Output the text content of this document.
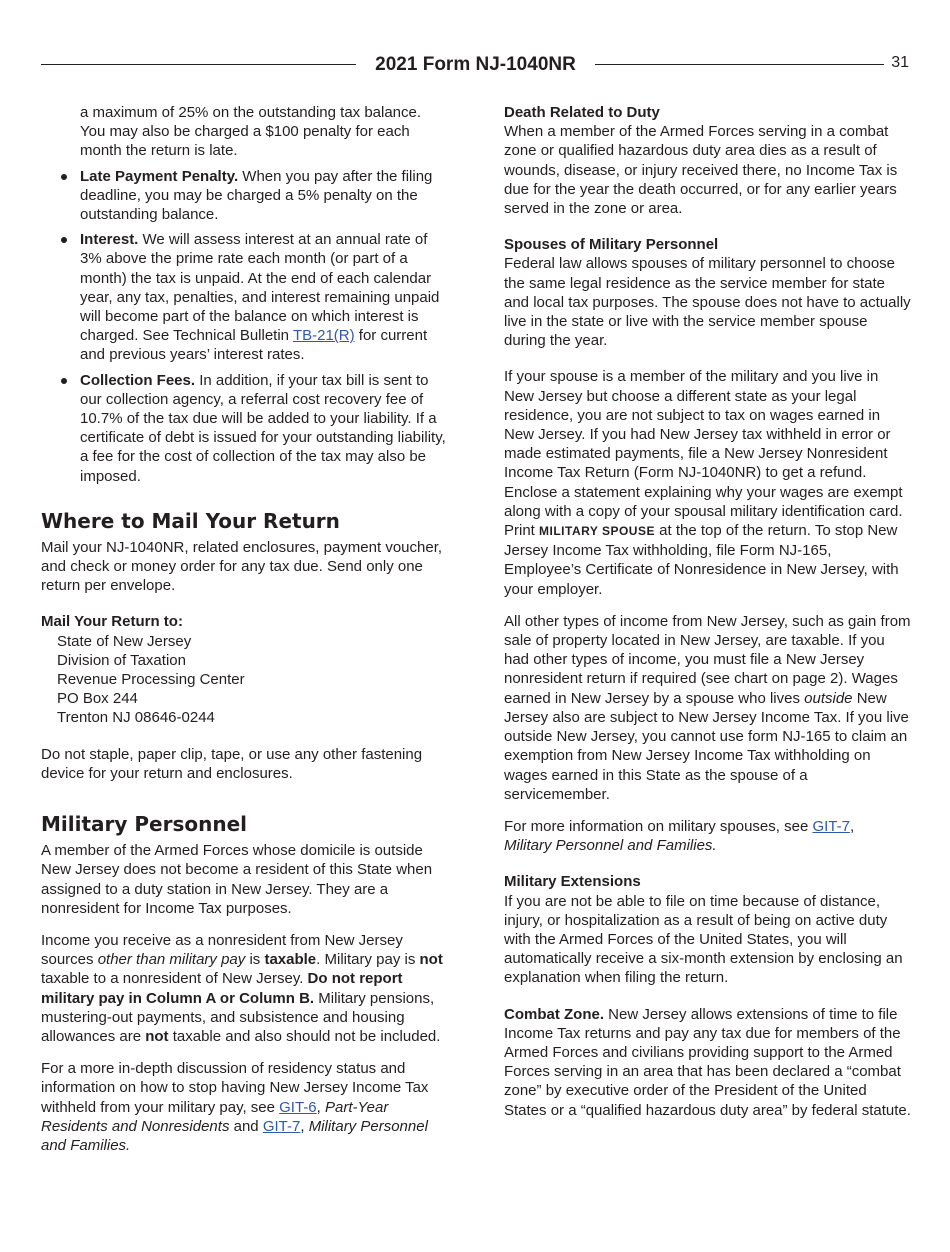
2021 Form NJ-1040NR	31

a maximum of 25% on the outstanding tax balance. You may also be charged a $100 penalty for each month the return is late.

Late Payment Penalty. When you pay after the filing deadline, you may be charged a 5% penalty on the outstanding balance.
Interest. We will assess interest at an annual rate of 3% above the prime rate each month (or part of a month) the tax is unpaid. At the end of each calendar year, any tax, penalties, and interest remaining unpaid will become part of the balance on which interest is charged. See Technical Bulletin TB-21(R) for current and previous years’ interest rates.
Collection Fees. In addition, if your tax bill is sent to our collection agency, a referral cost recovery fee of 10.7% of the tax due will be added to your liability. If a certificate of debt is issued for your outstanding liability, a fee for the cost of collection of the tax may also be imposed.
Where to Mail Your Return

Mail your NJ-1040NR, related enclosures, payment voucher, and check or money order for any tax due. Send only one return per envelope.

Mail Your Return to:

State of New Jersey
Division of Taxation
Revenue Processing Center
PO Box 244
Trenton NJ 08646-0244

Do not staple, paper clip, tape, or use any other fastening device for your return and enclosures.

Military Personnel

A member of the Armed Forces whose domicile is outside New Jersey does not become a resident of this State when assigned to a duty station in New Jersey. They are a nonresident for Income Tax purposes.

Income you receive as a nonresident from New Jersey sources other than military pay is taxable. Military pay is not taxable to a nonresident of New Jersey. Do not report military pay in Column A or Column B. Military pensions, mustering-out payments, and subsistence and housing allowances are not taxable and also should not be included.

For a more in-depth discussion of residency status and information on how to stop having New Jersey Income Tax withheld from your military pay, see GIT-6, Part-Year Residents and Nonresidents and GIT-7, Military Personnel and Families.

Death Related to Duty

When a member of the Armed Forces serving in a combat zone or qualified hazardous duty area dies as a result of wounds, disease, or injury received there, no Income Tax is due for the year the death occurred, or for any earlier years served in the zone or area.

Spouses of Military Personnel

Federal law allows spouses of military personnel to choose the same legal residence as the service member for state and local tax purposes. The spouse does not have to actually live in the state or live with the service member spouse during the year.

If your spouse is a member of the military and you live in New Jersey but choose a different state as your legal residence, you are not subject to tax on wages earned in New Jersey. If you had New Jersey tax withheld in error or made estimated payments, file a New Jersey Nonresident Income Tax Return (Form NJ-1040NR) to get a refund. Enclose a statement explaining why your wages are exempt along with a copy of your spousal military identification card. Print MILITARY SPOUSE at the top of the return. To stop New Jersey Income Tax withholding, file Form NJ-165, Employee’s Certificate of Nonresidence in New Jersey, with your employer.

All other types of income from New Jersey, such as gain from sale of property located in New Jersey, are taxable. If you had other types of income, you must file a New Jersey nonresident return if required (see chart on page 2). Wages earned in New Jersey by a spouse who lives outside New Jersey also are subject to New Jersey Income Tax. If you live outside New Jersey, you cannot use form NJ-165 to claim an exemption from New Jersey Income Tax withholding on wages earned in this State as the spouse of a servicemember.

For more information on military spouses, see GIT-7,
Military Personnel and Families.

Military Extensions

If you are not be able to file on time because of distance, injury, or hospitalization as a result of being on active duty with the Armed Forces of the United States, you will automatically receive a six-month extension by enclosing an explanation when filing the return.

Combat Zone. New Jersey allows extensions of time to file Income Tax returns and pay any tax due for members of the Armed Forces and civilians providing support to the Armed Forces serving in an area that has been declared a “combat zone” by executive order of the President of the United States or a “qualified hazardous duty area” by federal statute.
